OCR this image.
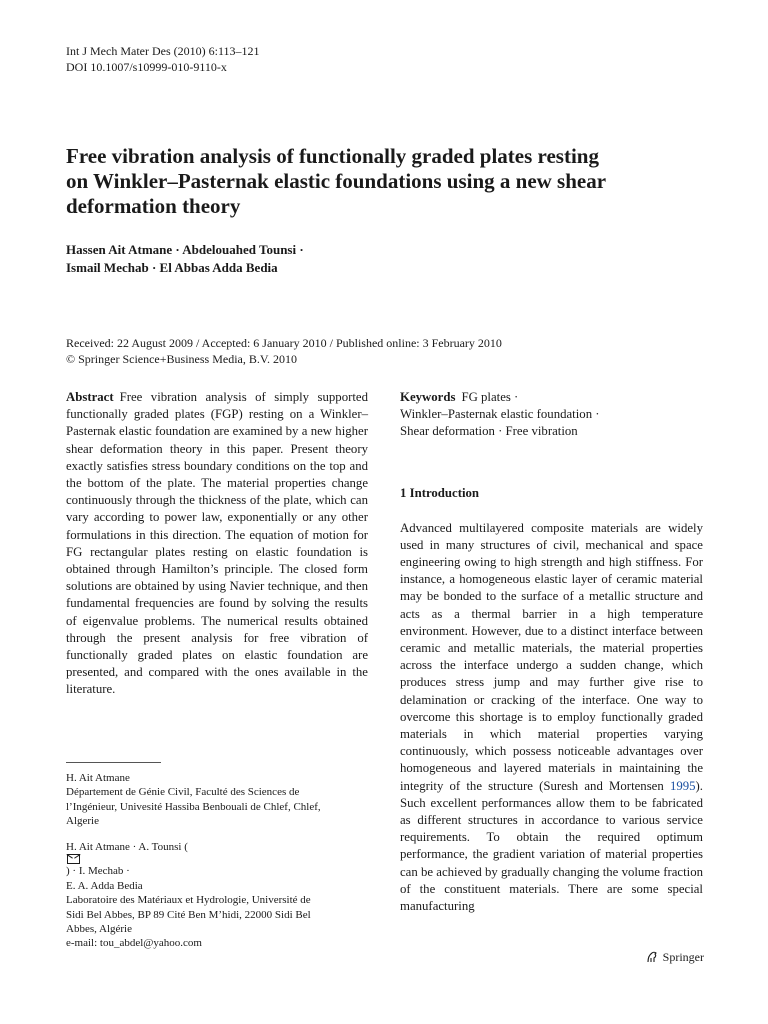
Int J Mech Mater Des (2010) 6:113–121
DOI 10.1007/s10999-010-9110-x
Free vibration analysis of functionally graded plates resting
on Winkler–Pasternak elastic foundations using a new shear
deformation theory
Hassen Ait Atmane · Abdelouahed Tounsi ·
Ismail Mechab · El Abbas Adda Bedia
Received: 22 August 2009 / Accepted: 6 January 2010 / Published online: 3 February 2010
© Springer Science+Business Media, B.V. 2010

Abstract Free vibration analysis of simply supported functionally graded plates (FGP) resting on a Winkler–Pasternak elastic foundation are examined by a new higher shear deformation theory in this paper. Present theory exactly satisfies stress boundary conditions on the top and the bottom of the plate. The material properties change continuously through the thickness of the plate, which can vary according to power law, exponentially or any other formulations in this direction. The equation of motion for FG rectangular plates resting on elastic foundation is obtained through Hamilton’s principle. The closed form solutions are obtained by using Navier technique, and then fundamental frequencies are found by solving the results of eigenvalue problems. The numerical results obtained through the present analysis for free vibration of functionally graded plates on elastic foundation are presented, and compared with the ones available in the literature.

Keywords FG plates ·
Winkler–Pasternak elastic foundation ·
Shear deformation · Free vibration
1 Introduction

Advanced multilayered composite materials are widely used in many structures of civil, mechanical and space engineering owing to high strength and high stiffness. For instance, a homogeneous elastic layer of ceramic material may be bonded to the surface of a metallic structure and acts as a thermal barrier in a high temperature environment. However, due to a distinct interface between ceramic and metallic materials, the material properties across the interface undergo a sudden change, which produces stress jump and may further give rise to delamination or cracking of the interface. One way to overcome this shortage is to employ functionally graded materials in which material properties varying continuously, which possess noticeable advantages over homogeneous and layered materials in maintaining the integrity of the structure (Suresh and Mortensen 1995). Such excellent performances allow them to be fabricated as different structures in accordance to various service requirements. To obtain the required optimum performance, the gradient variation of material properties can be achieved by gradually changing the volume fraction of the constituent materials. There are some special manufacturing

H. Ait Atmane
Département de Génie Civil, Faculté des Sciences de
l’Ingénieur, Univesité Hassiba Benbouali de Chlef, Chlef,
Algerie
H. Ait Atmane · A. Tounsi (
) · I. Mechab ·
E. A. Adda Bedia
Laboratoire des Matériaux et Hydrologie, Université de
Sidi Bel Abbes, BP 89 Cité Ben M’hidi, 22000 Sidi Bel
Abbes, Algérie
e-mail: tou_abdel@yahoo.com
Springer
